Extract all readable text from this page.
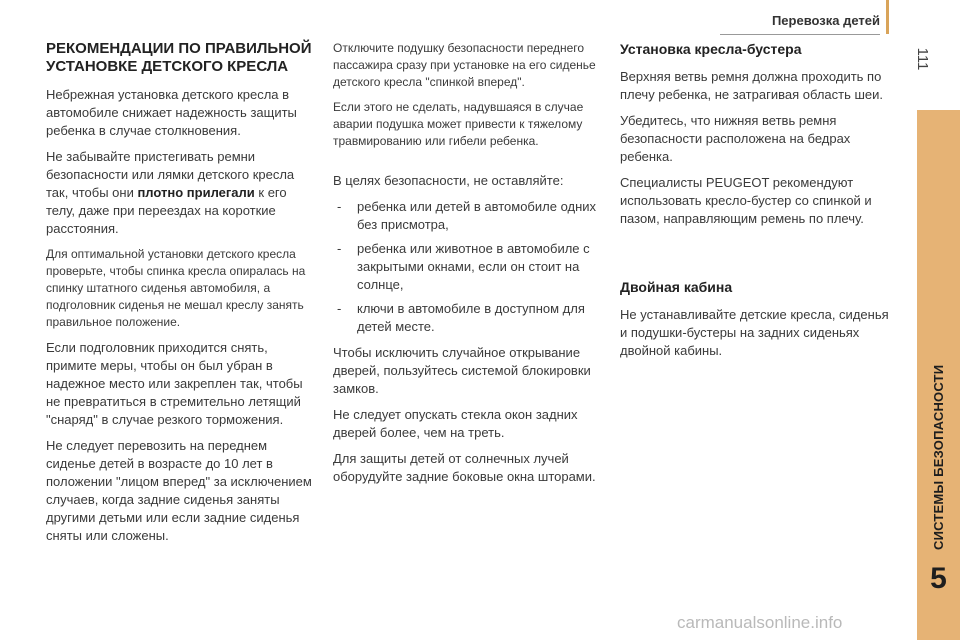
Перевозка детей
111
СИСТЕМЫ БЕЗОПАСНОСТИ
5
РЕКОМЕНДАЦИИ ПО ПРАВИЛЬНОЙ УСТАНОВКЕ ДЕТСКОГО КРЕСЛА

Небрежная установка детского кресла в автомобиле снижает надежность защиты ребенка в случае столкновения.

Не забывайте пристегивать ремни безопасности или лямки детского кресла так, чтобы они плотно прилегали к его телу, даже при переездах на короткие расстояния.

Для оптимальной установки детского кресла проверьте, чтобы спинка кресла опиралась на спинку штатного сиденья автомобиля, а подголовник сиденья не мешал креслу занять правильное положение.

Если подголовник приходится снять, примите меры, чтобы он был убран в надежное место или закреплен так, чтобы не превратиться в стремительно летящий "снаряд" в случае резкого торможения.

Не следует перевозить на переднем сиденье детей в возрасте до 10 лет в положении "лицом вперед" за исключением случаев, когда задние сиденья заняты другими детьми или если задние сиденья сняты или сложены.

Отключите подушку безопасности переднего пассажира сразу при установке на его сиденье детского кресла "спинкой вперед".

Если этого не сделать, надувшаяся в случае аварии подушка может привести к тяжелому травмированию или гибели ребенка.

В целях безопасности, не оставляйте:

- ребенка или детей в автомобиле одних без присмотра,
- ребенка или животное в автомобиле с закрытыми окнами, если он стоит на солнце,
- ключи в автомобиле в доступном для детей месте.

Чтобы исключить случайное открывание дверей, пользуйтесь системой блокировки замков.

Не следует опускать стекла окон задних дверей более, чем на треть.

Для защиты детей от солнечных лучей оборудуйте задние боковые окна шторами.

Установка кресла-бустера

Верхняя ветвь ремня должна проходить по плечу ребенка, не затрагивая область шеи.

Убедитесь, что нижняя ветвь ремня безопасности расположена на бедрах ребенка.

Специалисты PEUGEOT рекомендуют использовать кресло-бустер со спинкой и пазом, направляющим ремень по плечу.

Двойная кабина

Не устанавливайте детские кресла, сиденья и подушки-бустеры на задних сиденьях двойной кабины.

carmanualsonline.info
